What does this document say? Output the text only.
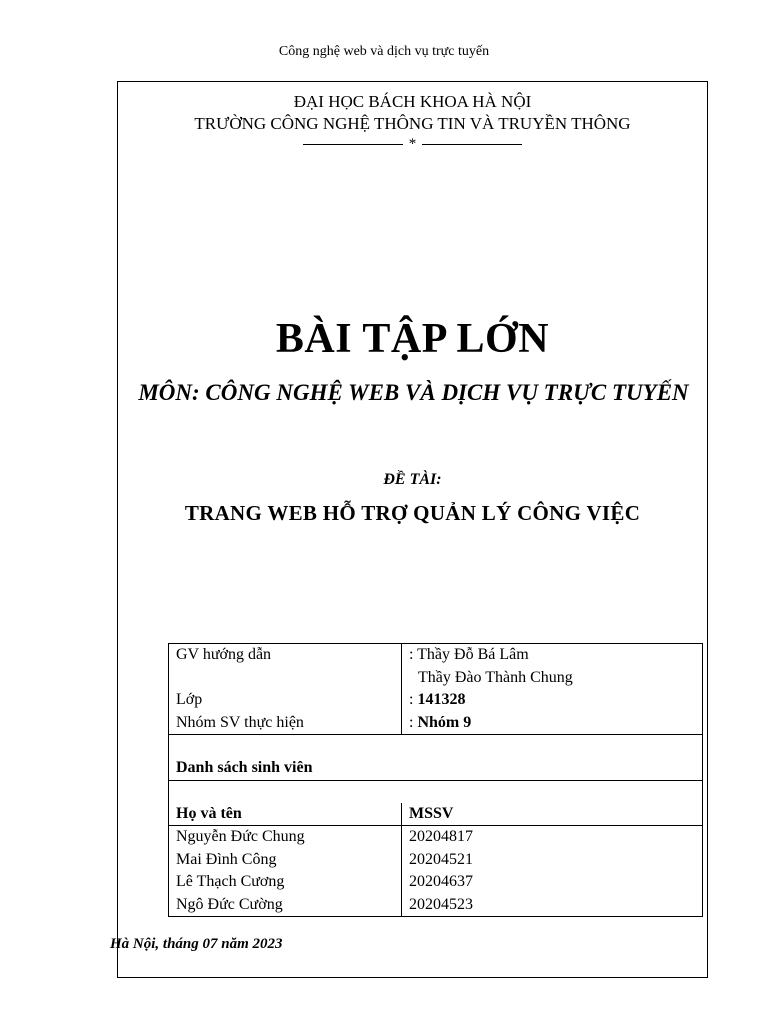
Công nghệ web và dịch vụ trực tuyến
ĐẠI HỌC BÁCH KHOA HÀ NỘI
TRƯỜNG CÔNG NGHỆ THÔNG TIN VÀ TRUYỀN THÔNG
*
BÀI TẬP LỚN
MÔN: CÔNG NGHỆ WEB VÀ DỊCH VỤ TRỰC TUYẾN
ĐỀ TÀI:
TRANG WEB HỖ TRỢ QUẢN LÝ CÔNG VIỆC
GV hướng dẫn	: Thầy Đỗ Bá Lâm
Thầy Đào Thành Chung

Lớp	: 141328
Nhóm SV thực hiện	: Nhóm 9

Danh sách sinh viên	

Họ và tên	MSSV
Nguyễn Đức Chung	20204817
Mai Đình Công	20204521
Lê Thạch Cương	20204637
Ngô Đức Cường	20204523
Hà Nội, tháng 07 năm 2023
